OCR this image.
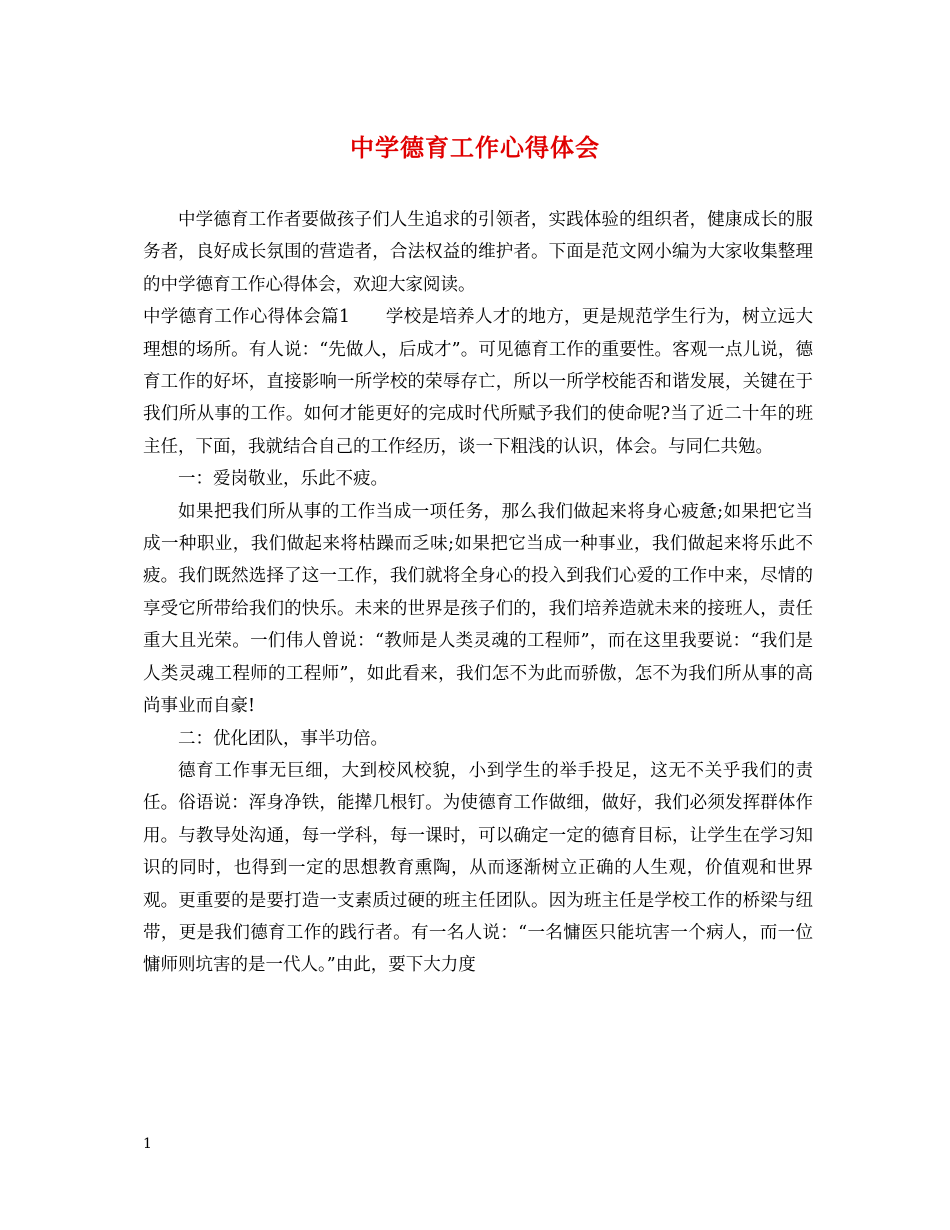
中学德育工作心得体会

中学德育工作者要做孩子们人生追求的引领者，实践体验的组织者，健康成长的服务者，良好成长氛围的营造者，合法权益的维护者。下面是范文网小编为大家收集整理的中学德育工作心得体会，欢迎大家阅读。

中学德育工作心得体会篇1　　学校是培养人才的地方，更是规范学生行为，树立远大理想的场所。有人说：“先做人，后成才”。可见德育工作的重要性。客观一点儿说，德育工作的好坏，直接影响一所学校的荣辱存亡，所以一所学校能否和谐发展，关键在于我们所从事的工作。如何才能更好的完成时代所赋予我们的使命呢?当了近二十年的班主任，下面，我就结合自己的工作经历，谈一下粗浅的认识，体会。与同仁共勉。

一：爱岗敬业，乐此不疲。

如果把我们所从事的工作当成一项任务，那么我们做起来将身心疲惫;如果把它当成一种职业，我们做起来将枯躁而乏味;如果把它当成一种事业，我们做起来将乐此不疲。我们既然选择了这一工作，我们就将全身心的投入到我们心爱的工作中来，尽情的享受它所带给我们的快乐。未来的世界是孩子们的，我们培养造就未来的接班人，责任重大且光荣。一们伟人曾说：“教师是人类灵魂的工程师”，而在这里我要说：“我们是人类灵魂工程师的工程师”，如此看来，我们怎不为此而骄傲，怎不为我们所从事的高尚事业而自豪!

二：优化团队，事半功倍。

德育工作事无巨细，大到校风校貌，小到学生的举手投足，这无不关乎我们的责任。俗语说：浑身净铁，能撵几根钉。为使德育工作做细，做好，我们必须发挥群体作用。与教导处沟通，每一学科，每一课时，可以确定一定的德育目标，让学生在学习知识的同时，也得到一定的思想教育熏陶，从而逐渐树立正确的人生观，价值观和世界观。更重要的是要打造一支素质过硬的班主任团队。因为班主任是学校工作的桥梁与纽带，更是我们德育工作的践行者。有一名人说：“一名慵医只能坑害一个病人，而一位慵师则坑害的是一代人。”由此，要下大力度

1
